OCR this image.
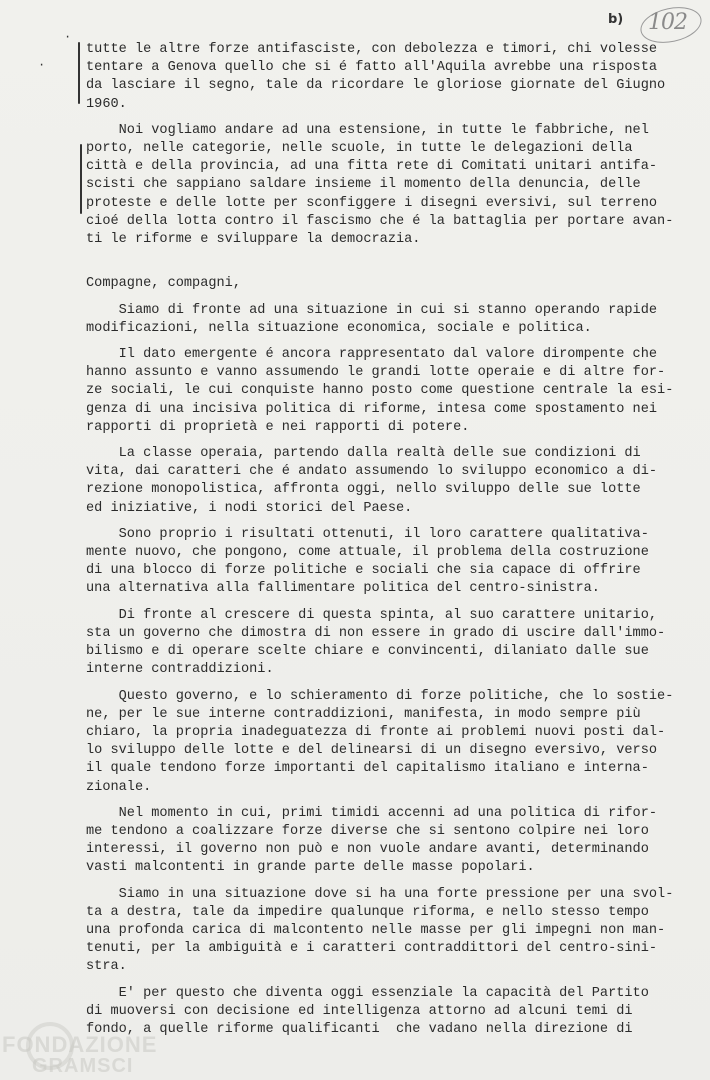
b) 102
·
·
tutte le altre forze antifasciste, con debolezza e timori, chi volesse
tentare a Genova quello che si é fatto all'Aquila avrebbe una risposta
da lasciare il segno, tale da ricordare le gloriose giornate del Giugno
1960.
Noi vogliamo andare ad una estensione, in tutte le fabbriche, nel
porto, nelle categorie, nelle scuole, in tutte le delegazioni della
città e della provincia, ad una fitta rete di Comitati unitari antifa-
scisti che sappiano saldare insieme il momento della denuncia, delle
proteste e delle lotte per sconfiggere i disegni eversivi, sul terreno
cioé della lotta contro il fascismo che é la battaglia per portare avan-
ti le riforme e sviluppare la democrazia.

Compagne, compagni,
Siamo di fronte ad una situazione in cui si stanno operando rapide
modificazioni, nella situazione economica, sociale e politica.
Il dato emergente é ancora rappresentato dal valore dirompente che
hanno assunto e vanno assumendo le grandi lotte operaie e di altre for-
ze sociali, le cui conquiste hanno posto come questione centrale la esi-
genza di una incisiva politica di riforme, intesa come spostamento nei
rapporti di proprietà e nei rapporti di potere.
La classe operaia, partendo dalla realtà delle sue condizioni di
vita, dai caratteri che é andato assumendo lo sviluppo economico a di-
rezione monopolistica, affronta oggi, nello sviluppo delle sue lotte
ed iniziative, i nodi storici del Paese.
Sono proprio i risultati ottenuti, il loro carattere qualitativa-
mente nuovo, che pongono, come attuale, il problema della costruzione
di una blocco di forze politiche e sociali che sia capace di offrire
una alternativa alla fallimentare politica del centro-sinistra.
Di fronte al crescere di questa spinta, al suo carattere unitario,
sta un governo che dimostra di non essere in grado di uscire dall'immo-
bilismo e di operare scelte chiare e convincenti, dilaniato dalle sue
interne contraddizioni.
Questo governo, e lo schieramento di forze politiche, che lo sostie-
ne, per le sue interne contraddizioni, manifesta, in modo sempre più
chiaro, la propria inadeguatezza di fronte ai problemi nuovi posti dal-
lo sviluppo delle lotte e del delinearsi di un disegno eversivo, verso
il quale tendono forze importanti del capitalismo italiano e interna-
zionale.
Nel momento in cui, primi timidi accenni ad una politica di rifor-
me tendono a coalizzare forze diverse che si sentono colpire nei loro
interessi, il governo non può e non vuole andare avanti, determinando
vasti malcontenti in grande parte delle masse popolari.
Siamo in una situazione dove si ha una forte pressione per una svol-
ta a destra, tale da impedire qualunque riforma, e nello stesso tempo
una profonda carica di malcontento nelle masse per gli impegni non man-
tenuti, per la ambiguità e i caratteri contraddittori del centro-sini-
stra.
E' per questo che diventa oggi essenziale la capacità del Partito
di muoversi con decisione ed intelligenza attorno ad alcuni temi di
fondo, a quelle riforme qualificanti  che vadano nella direzione di
FONDAZIONE
GRAMSCI
